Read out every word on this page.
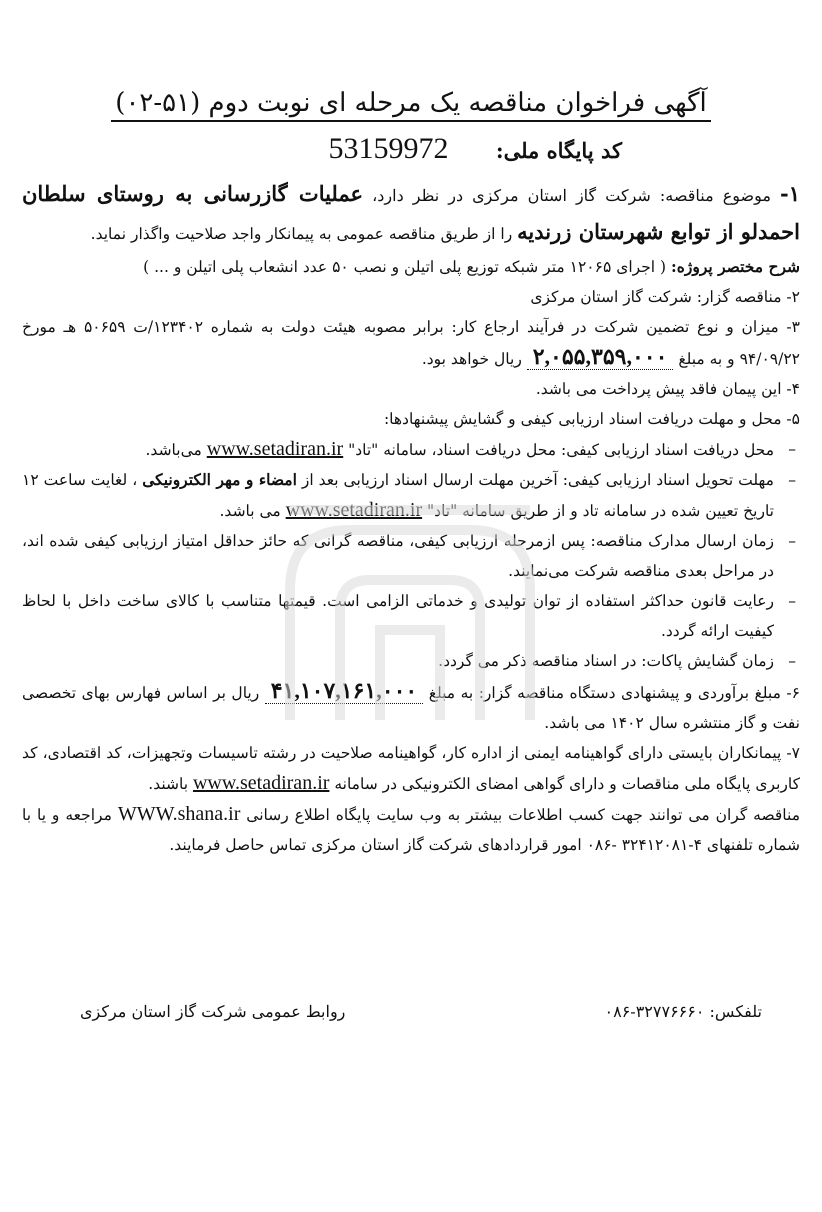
آگهی فراخوان مناقصه یک مرحله ای نوبت دوم (۵۱-۰۲)
کد پایگاه ملی: 53159972

۱- موضوع مناقصه: شرکت گاز استان مرکزی در نظر دارد، عملیات گازرسانی به روستای سلطان احمدلو از توابع شهرستان زرندیه را از طریق مناقصه عمومی به پیمانکار واجد صلاحیت واگذار نماید.

شرح مختصر پروژه: ( اجرای ۱۲۰۶۵ متر شبکه توزیع پلی اتیلن و نصب ۵۰ عدد انشعاب پلی اتیلن و ... )

۲- مناقصه گزار: شرکت گاز استان مرکزی

۳- میزان و نوع تضمین شرکت در فرآیند ارجاع کار: برابر مصوبه هیئت دولت به شماره ۱۲۳۴۰۲/ت ۵۰۶۵۹ هـ مورخ ۹۴/۰۹/۲۲ و به مبلغ ۲,۰۵۵,۳۵۹,۰۰۰ ریال خواهد بود.

۴- این پیمان فاقد پیش پرداخت می باشد.

۵- محل و مهلت دریافت اسناد ارزیابی کیفی و گشایش پیشنهادها:

– محل دریافت اسناد ارزیابی کیفی: محل دریافت اسناد، سامانه "تاد" www.setadiran.ir می‌باشد.

– مهلت تحویل اسناد ارزیابی کیفی: آخرین مهلت ارسال اسناد ارزیابی بعد از امضاء و مهر الکترونیکی ، لغایت ساعت ۱۲ تاریخ تعیین شده در سامانه تاد و از طریق سامانه "تاد" www.setadiran.ir می باشد.

– زمان ارسال مدارک مناقصه: پس ازمرحله ارزیابی کیفی، مناقصه گرانی که حائز حداقل امتیاز ارزیابی کیفی شده اند، در مراحل بعدی مناقصه شرکت می‌نمایند.

– رعایت قانون حداکثر استفاده از توان تولیدی و خدماتی الزامی است. قیمتها متناسب با کالای ساخت داخل با لحاظ کیفیت ارائه گردد.

– زمان گشایش پاکات: در اسناد مناقصه ذکر می گردد.

۶- مبلغ برآوردی و پیشنهادی دستگاه مناقصه گزار: به مبلغ ۴۱,۱۰۷,۱۶۱,۰۰۰ ریال بر اساس فهارس بهای تخصصی نفت و گاز منتشره سال ۱۴۰۲ می باشد.

۷- پیمانکاران بایستی دارای گواهینامه ایمنی از اداره کار، گواهینامه صلاحیت در رشته تاسیسات وتجهیزات، کد اقتصادی، کد کاربری پایگاه ملی مناقصات و دارای گواهی امضای الکترونیکی در سامانه www.setadiran.ir باشند.

مناقصه گران می توانند جهت کسب اطلاعات بیشتر به وب سایت پایگاه اطلاع رسانی WWW.shana.ir مراجعه و یا با شماره تلفنهای ۴-۳۲۴۱۲۰۸۱ -۰۸۶ امور قراردادهای شرکت گاز استان مرکزی تماس حاصل فرمایند.

تلفکس: ۰۸۶-۳۲۷۷۶۶۶۰
روابط عمومی شرکت گاز استان مرکزی
